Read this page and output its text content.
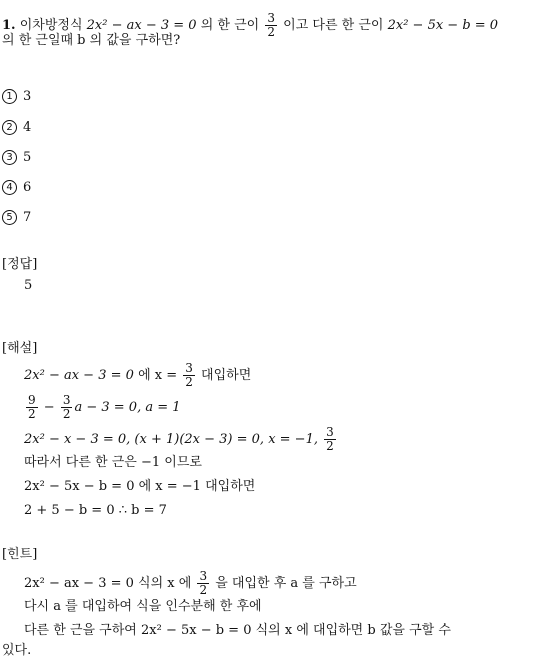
1. 이차방정식 2x² − ax − 3 = 0 의 한 근이 $\frac{3}{2}$ 이고 다른 한 근이 2x² − 5x − b = 0
의 한 근일때 b 의 값을 구하면?
1 3
2 4
3 5
4 6
5 7
[정답]
5
[해설]
2x² − ax − 3 = 0 에 $x = \frac{3}{2}$ 대입하면
$\frac{9}{2} - \frac{3}{2}$ a − 3 = 0, a = 1
2x² − x − 3 = 0, (x + 1)(2x − 3) = 0, x = −1, $\frac{3}{2}$
따라서 다른 한 근은 −1 이므로
2x² − 5x − b = 0 에 x = −1 대입하면
2 + 5 − b = 0 ∴ b = 7
[힌트]
2x² − ax − 3 = 0 식의 x 에 $\frac{3}{2}$ 을 대입한 후 a 를 구하고
다시 a 를 대입하여 식을 인수분해 한 후에
다른 한 근을 구하여 2x² − 5x − b = 0 식의 x 에 대입하면 b 값을 구할 수
있다.
